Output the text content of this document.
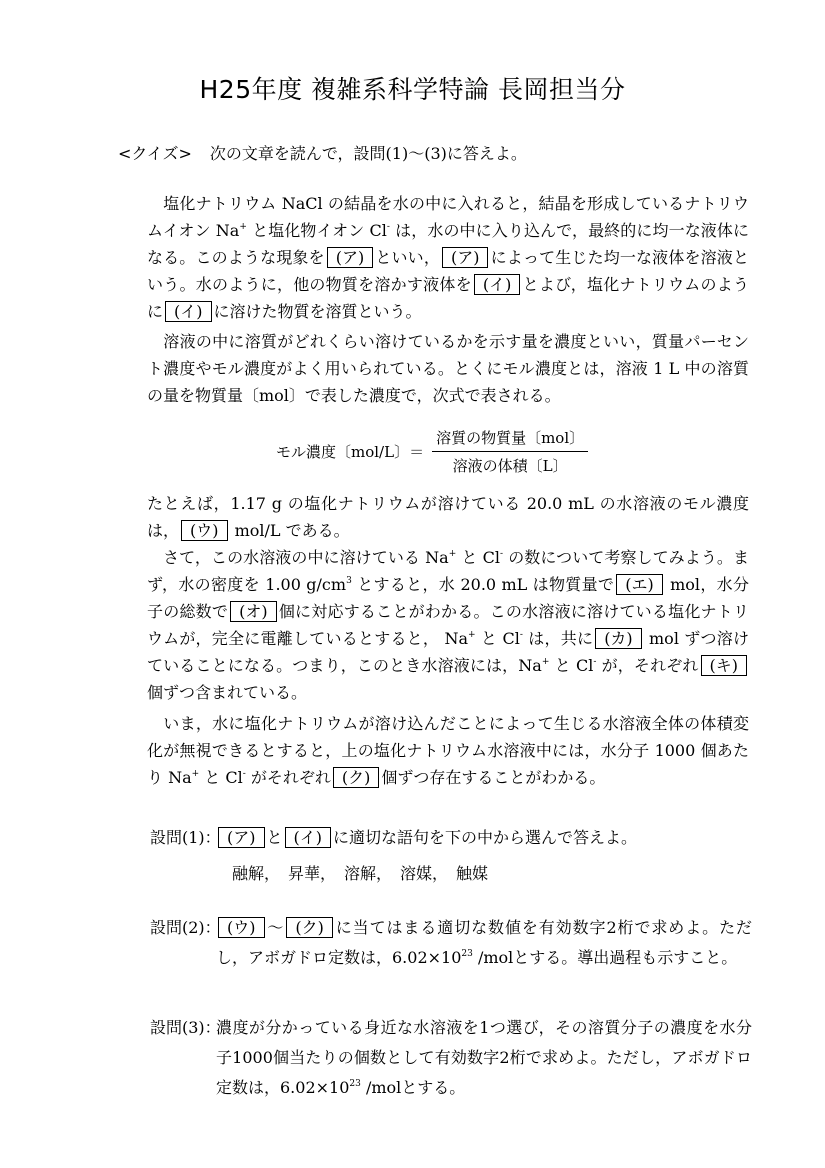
H25年度 複雑系科学特論 長岡担当分
<クイズ> 次の文章を読んで，設問(1)〜(3)に答えよ。
　塩化ナトリウム NaCl の結晶を水の中に入れると，結晶を形成しているナトリウムイオン Na+ と塩化物イオン Cl- は，水の中に入り込んで，最終的に均一な液体になる。このような現象を (ア) といい， (ア) によって生じた均一な液体を溶液という。水のように，他の物質を溶かす液体を (イ) とよび，塩化ナトリウムのように (イ) に溶けた物質を溶質という。
　溶液の中に溶質がどれくらい溶けているかを示す量を濃度といい，質量パーセント濃度やモル濃度がよく用いられている。とくにモル濃度とは，溶液 1 L 中の溶質の量を物質量〔mol〕で表した濃度で，次式で表される。
モル濃度〔mol/L〕＝ $\frac{\text{溶質の物質量〔mol〕}}{\text{溶液の体積〔L〕}}$
たとえば，1.17 g の塩化ナトリウムが溶けている 20.0 mL の水溶液のモル濃度は， (ウ) mol/L である。
　さて，この水溶液の中に溶けている Na+ と Cl- の数について考察してみよう。まず，水の密度を 1.00 $g/cm^3$ とすると，水 20.0 mL は物質量で (エ) mol，水分子の総数で (オ) 個に対応することがわかる。この水溶液に溶けている塩化ナトリウムが，完全に電離しているとすると， Na+ と Cl- は，共に (カ) mol ずつ溶けていることになる。つまり，このとき水溶液には，Na+ と Cl- が，それぞれ (キ)個ずつ含まれている。
　いま，水に塩化ナトリウムが溶け込んだことによって生じる水溶液全体の体積変化が無視できるとすると，上の塩化ナトリウム水溶液中には，水分子 1000 個あたり Na+ と Cl- がそれぞれ (ク) 個ずつ存在することがわかる。
設問(1)： (ア) と (イ) に適切な語句を下の中から選んで答えよ。
融解，　昇華，　溶解，　溶媒，　触媒
設問(2)： (ウ) 〜 (ク) に当てはまる適切な数値を有効数字2桁で求めよ。ただし，アボガドロ定数は，$6.02\times 10^{23}$ /molとする。導出過程も示すこと。
設問(3)：
濃度が分かっている身近な水溶液を1つ選び，その溶質分子の濃度を水分子1000個当たりの個数として有効数字2桁で求めよ。ただし，アボガドロ定数は，$6.02\times 10^{23}$ /molとする。
